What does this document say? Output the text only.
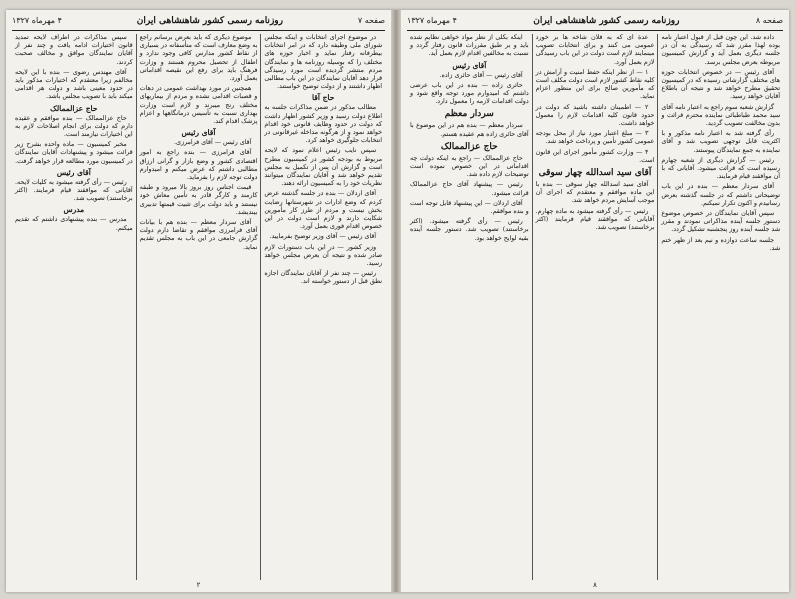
صفحه ۷
روزنامه رسمی کشور شاهنشاهی ایران
۴ مهرماه ۱۳۲۷

در موضوع اجرای انتخابات و اینکه مجلس شورای ملی وظیفه دارد که در امر انتخابات بیطرفانه رفتار نماید و اخبار حوزه های مختلف را که بوسیله روزنامه ها و نمایندگان مردم منتشر گردیده است مورد رسیدگی قرار دهد آقایان نمایندگان در این باب مطالبی اظهار داشتند و از دولت توضیح خواستند.

حاج آقا

مطالب مذکور در ضمن مذاکرات جلسه به اطلاع دولت رسید و وزیر کشور اظهار داشت که دولت در حدود وظایف قانونی خود اقدام خواهد نمود و از هرگونه مداخله غیرقانونی در انتخابات جلوگیری خواهد کرد.

سپس نایب رئیس اعلام نمود که لایحه مربوط به بودجه کشور در کمیسیون مطرح است و گزارش آن پس از تکمیل به مجلس تقدیم خواهد شد و آقایان نمایندگان میتوانند نظریات خود را به کمیسیون ارائه دهند.

آقای اردلان — بنده در جلسه گذشته عرض کردم که وضع ادارات در شهرستانها رضایت بخش نیست و مردم از طرز کار مأمورین شکایت دارند و لازم است دولت در این خصوص اقدام فوری بعمل آورد.

آقای رئیس — آقای وزیر توضیح بفرمایید.

وزیر کشور — در این باب دستورات لازم صادر شده و نتیجه آن بعرض مجلس خواهد رسید.

رئیس — چند نفر از آقایان نمایندگان اجازه نطق قبل از دستور خواسته اند.

موضوع دیگری که باید بعرض برسانم راجع به وضع معارف است که متأسفانه در بسیاری از نقاط کشور مدارس کافی وجود ندارد و اطفال از تحصیل محروم هستند و وزارت فرهنگ باید برای رفع این نقیصه اقداماتی بعمل آورد.

همچنین در مورد بهداشت عمومی در دهات و قصبات اقدامی نشده و مردم از بیماریهای مختلف رنج میبرند و لازم است وزارت بهداری نسبت به تأسیس درمانگاهها و اعزام پزشک اقدام کند.

آقای رئیس

آقای رئیس — آقای فرامرزی.

آقای فرامرزی — بنده راجع به امور اقتصادی کشور و وضع بازار و گرانی ارزاق مطالبی داشتم که عرض میکنم و امیدوارم دولت توجه لازم را بفرماید.

قیمت اجناس روز بروز بالا میرود و طبقه کارمند و کارگر قادر به تأمین معاش خود نیستند و باید دولت برای تثبیت قیمتها تدبیری بیندیشد.

آقای سردار معظم — بنده هم با بیانات آقای فرامرزی موافقم و تقاضا دارم دولت گزارش جامعی در این باب به مجلس تقدیم نماید.

سپس مذاکرات در اطراف لایحه تمدید قانون اختیارات ادامه یافت و چند نفر از آقایان نمایندگان موافق و مخالف صحبت کردند.

آقای مهندس رضوی — بنده با این لایحه مخالفم زیرا معتقدم که اختیارات مذکور باید در حدود معینی باشد و دولت هر اقدامی میکند باید با تصویب مجلس باشد.

حاج عزالممالک

حاج عزالممالک — بنده موافقم و عقیده دارم که دولت برای انجام اصلاحات لازم به این اختیارات نیازمند است.

مخبر کمیسیون — ماده واحده بشرح زیر قرائت میشود و پیشنهادات آقایان نمایندگان در کمیسیون مورد مطالعه قرار خواهد گرفت.

آقای رئیس

رئیس — رأی گرفته میشود به کلیات لایحه. آقایانی که موافقند قیام فرمایند. (اکثر برخاستند) تصویب شد.

مدرس

مدرس — بنده پیشنهادی داشتم که تقدیم میکنم.

۲
صفحه ۸
روزنامه رسمی کشور شاهنشاهی ایران
۴ مهرماه ۱۳۲۷

داده شد. این چون قبل از قبول اعتبار نامه بوده لهذا مقرر شد که رسیدگی به آن در جلسه دیگری بعمل آید و گزارش کمیسیون مربوطه بعرض مجلس برسد.

آقای رئیس — در خصوص انتخابات حوزه های مختلف گزارشاتی رسیده که در کمیسیون تحقیق مطرح خواهد شد و نتیجه آن باطلاع آقایان خواهد رسید.

گزارش شعبه سوم راجع به اعتبار نامه آقای سید محمد طباطبائی نماینده محترم قرائت و بدون مخالفت تصویب گردید.

رأی گرفته شد به اعتبار نامه مذکور و با اکثریت قابل توجهی تصویب شد و آقای نماینده به جمع نمایندگان پیوستند.

رئیس — گزارش دیگری از شعبه چهارم رسیده است که قرائت میشود. آقایانی که با آن موافقند قیام فرمایند.

آقای سردار معظم — بنده در این باب توضیحاتی داشتم که در جلسه گذشته بعرض رسانیدم و اکنون تکرار نمیکنم.

سپس آقایان نمایندگان در خصوص موضوع دستور جلسه آینده مذاکراتی نمودند و مقرر شد جلسه آینده روز پنجشنبه تشکیل گردد.

جلسه ساعت دوازده و نیم بعد از ظهر ختم شد.

عدة ای که به فلان شاخه ها بر خورد عمومی می کنند و برای انتخابات تصویب مینمایند لازم است دولت در این باب رسیدگی لازم بعمل آورد.

۱ — از نظر اینکه حفظ امنیت و آرامش در کلیه نقاط کشور لازم است دولت مکلف است که مأمورین صالح برای این منظور اعزام نماید.

۲ — اطمینان داشته باشید که دولت در حدود قانون کلیه اقدامات لازم را معمول خواهد داشت.

۳ — مبلغ اعتبار مورد نیاز از محل بودجه عمومی کشور تأمین و پرداخت خواهد شد.

۴ — وزارت کشور مأمور اجرای این قانون است.

آقای سید اسدالله چهار سوقی

آقای سید اسدالله چهار سوقی — بنده با این ماده موافقم و معتقدم که اجرای آن موجب آسایش مردم خواهد شد.

رئیس — رأی گرفته میشود به ماده چهارم. آقایانی که موافقند قیام فرمایند (اکثر برخاستند) تصویب شد.

اینکه بکلی از نظر مواد خواهی نظایم شده باید و بر طبق مقررات قانون رفتار گردد و نسبت به مخالفین اقدام لازم بعمل آید.

آقای رئیس

آقای رئیس — آقای حائری زاده.

حائری زاده — بنده در این باب عرضی داشتم که امیدوارم مورد توجه واقع شود و دولت اقدامات لازمه را معمول دارد.

سردار معظم

سردار معظم — بنده هم در این موضوع با آقای حائری زاده هم عقیده هستم.

حاج عزالممالک

حاج عزالممالک — راجع به اینکه دولت چه اقداماتی در این خصوص نموده است توضیحات لازم داده شد.

رئیس — پیشنهاد آقای حاج عزالممالک قرائت میشود.

آقای اردلان — این پیشنهاد قابل توجه است و بنده موافقم.

رئیس — رأی گرفته میشود. (اکثر برخاستند) تصویب شد. دستور جلسه آینده بقیه لوایح خواهد بود.

۸
